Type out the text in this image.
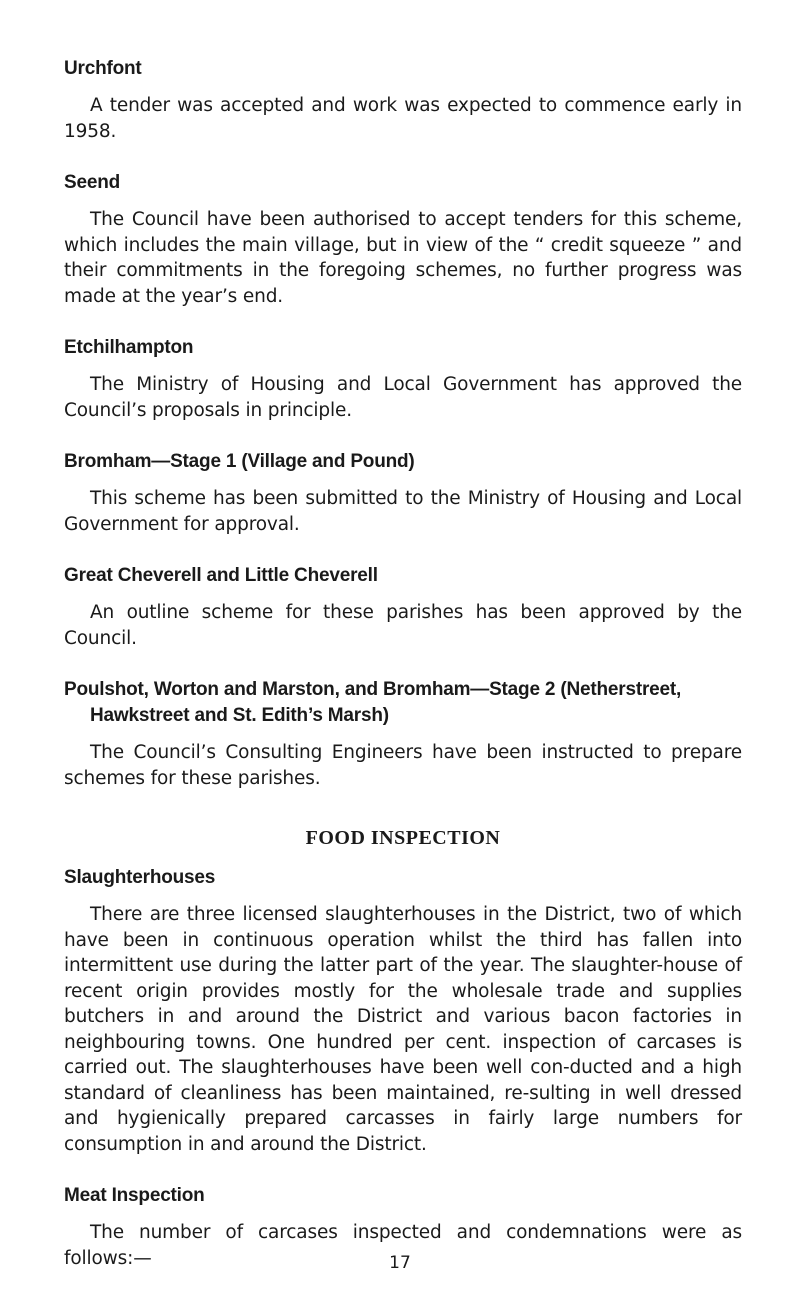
Urchfont

A tender was accepted and work was expected to commence early in 1958.

Seend

The Council have been authorised to accept tenders for this scheme, which includes the main village, but in view of the “ credit squeeze ” and their commitments in the foregoing schemes, no further progress was made at the year’s end.

Etchilhampton

The Ministry of Housing and Local Government has approved the Council’s proposals in principle.

Bromham—Stage 1 (Village and Pound)

This scheme has been submitted to the Ministry of Housing and Local Government for approval.

Great Cheverell and Little Cheverell

An outline scheme for these parishes has been approved by the Council.

Poulshot, Worton and Marston, and Bromham—Stage 2 (Netherstreet, Hawkstreet and St. Edith’s Marsh)

The Council’s Consulting Engineers have been instructed to prepare schemes for these parishes.

FOOD INSPECTION
Slaughterhouses

There are three licensed slaughterhouses in the District, two of which have been in continuous operation whilst the third has fallen into intermittent use during the latter part of the year. The slaughter-house of recent origin provides mostly for the wholesale trade and supplies butchers in and around the District and various bacon factories in neighbouring towns. One hundred per cent. inspection of carcases is carried out. The slaughterhouses have been well con-ducted and a high standard of cleanliness has been maintained, re-sulting in well dressed and hygienically prepared carcasses in fairly large numbers for consumption in and around the District.

Meat Inspection

The number of carcases inspected and condemnations were as follows:—	17
